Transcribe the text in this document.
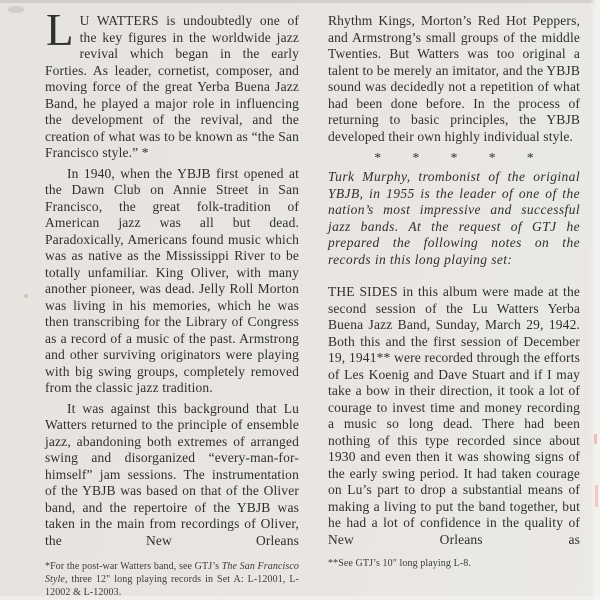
L U WATTERS is undoubtedly one of the key figures in the worldwide jazz revival which began in the early Forties. As leader, cornetist, composer, and moving force of the great Yerba Buena Jazz Band, he played a major role in influencing the development of the revival, and the creation of what was to be known as “the San Francisco style.” *

In 1940, when the YBJB first opened at the Dawn Club on Annie Street in San Francisco, the great folk-tradition of American jazz was all but dead. Paradoxically, Americans found music which was as native as the Mississippi River to be totally unfamiliar. King Oliver, with many another pioneer, was dead. Jelly Roll Morton was living in his memories, which he was then transcribing for the Library of Congress as a record of a music of the past. Armstrong and other surviving originators were playing with big swing groups, completely removed from the classic jazz tradition.

It was against this background that Lu Watters returned to the principle of ensemble jazz, abandoning both extremes of arranged swing and disorganized “every-man-for-himself” jam sessions. The instrumentation of the YBJB was based on that of the Oliver band, and the repertoire of the YBJB was taken in the main from recordings of Oliver, the New Orleans

*For the post-war Watters band, see GTJ’s The San Francisco Style, three 12" long playing records in Set A: L-12001, L-12002 & L-12003.

Rhythm Kings, Morton’s Red Hot Peppers, and Armstrong’s small groups of the middle Twenties. But Watters was too original a talent to be merely an imitator, and the YBJB sound was decidedly not a repetition of what had been done before. In the process of returning to basic principles, the YBJB developed their own highly individual style.

* * * * *

Turk Murphy, trombonist of the original YBJB, in 1955 is the leader of one of the nation’s most impressive and successful jazz bands. At the request of GTJ he prepared the following notes on the records in this long playing set:

THE SIDES in this album were made at the second session of the Lu Watters Yerba Buena Jazz Band, Sunday, March 29, 1942. Both this and the first session of December 19, 1941** were recorded through the efforts of Les Koenig and Dave Stuart and if I may take a bow in their direction, it took a lot of courage to invest time and money recording a music so long dead. There had been nothing of this type recorded since about 1930 and even then it was showing signs of the early swing period. It had taken courage on Lu’s part to drop a substantial means of making a living to put the band together, but he had a lot of confidence in the quality of New Orleans as

**See GTJ’s 10" long playing L-8.
